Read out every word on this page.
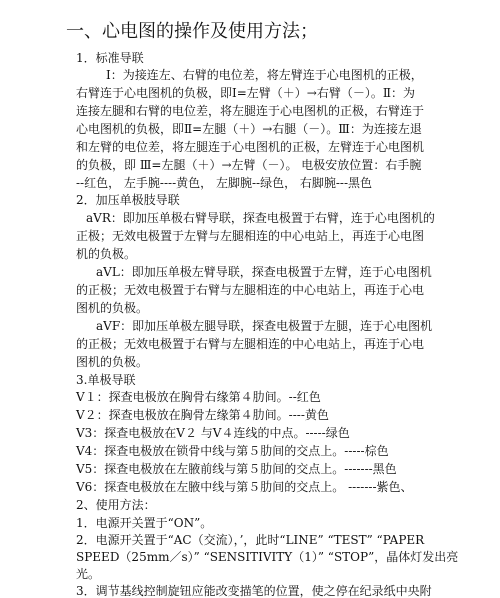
一、心电图的操作及使用方法；
1．标准导联
Ⅰ：为接连左、右臂的电位差，将左臂连于心电图机的正极，
右臂连于心电图机的负极，即Ⅰ=左臂（＋）→右臂（－）。Ⅱ：为
连接左腿和右臂的电位差，将左腿连于心电图机的正极，右臂连于
心电图机的负极，即Ⅱ=左腿（＋）→右腿（－）。Ⅲ：为连接左退
和左臂的电位差，将左腿连于心电图机的正极，左臂连于心电图机
的负极，即 Ⅲ=左腿（＋）→左臂（－）。 电极安放位置：右手腕
--红色， 左手腕----黄色， 左脚腕--绿色， 右脚腕---黑色
2．加压单极肢导联
aVR：即加压单极右臂导联，探查电极置于右臂，连于心电图机的
正极；无效电极置于左臂与左腿相连的中心电站上，再连于心电图
机的负极。
aVL：即加压单极左臂导联，探查电极置于左臂，连于心电图机
的正极；无效电极置于右臂与左腿相连的中心电站上，再连于心电
图机的负极。
aVF：即加压单极左腿导联，探查电极置于左腿，连于心电图机
的正极；无效电极置于右臂与左腿相连的中心电站上，再连于心电
图机的负极。
3.单极导联
V１：探查电极放在胸骨右缘第４肋间。--红色
V２：探查电极放在胸骨左缘第４肋间。----黄色
V3：探查电极放在V２ 与V４连线的中点。-----绿色
V4：探查电极放在锁骨中线与第５肋间的交点上。-----棕色
V5：探查电极放在左腋前线与第５肋间的交点上。-------黑色
V6：探查电极放在左腋中线与第５肋间的交点上。 -------紫色、
2、使用方法：
1．电源开关置于“ON”。
2．电源开关置于“AC（交流），’，此时“LINE” “TEST” “PAPER
SPEED（25mm／s）” “SENSITIVITY（1）” “STOP”，晶体灯发出亮
光。
3．调节基线控制旋钮应能改变描笔的位置，使之停在纪录纸中央附
